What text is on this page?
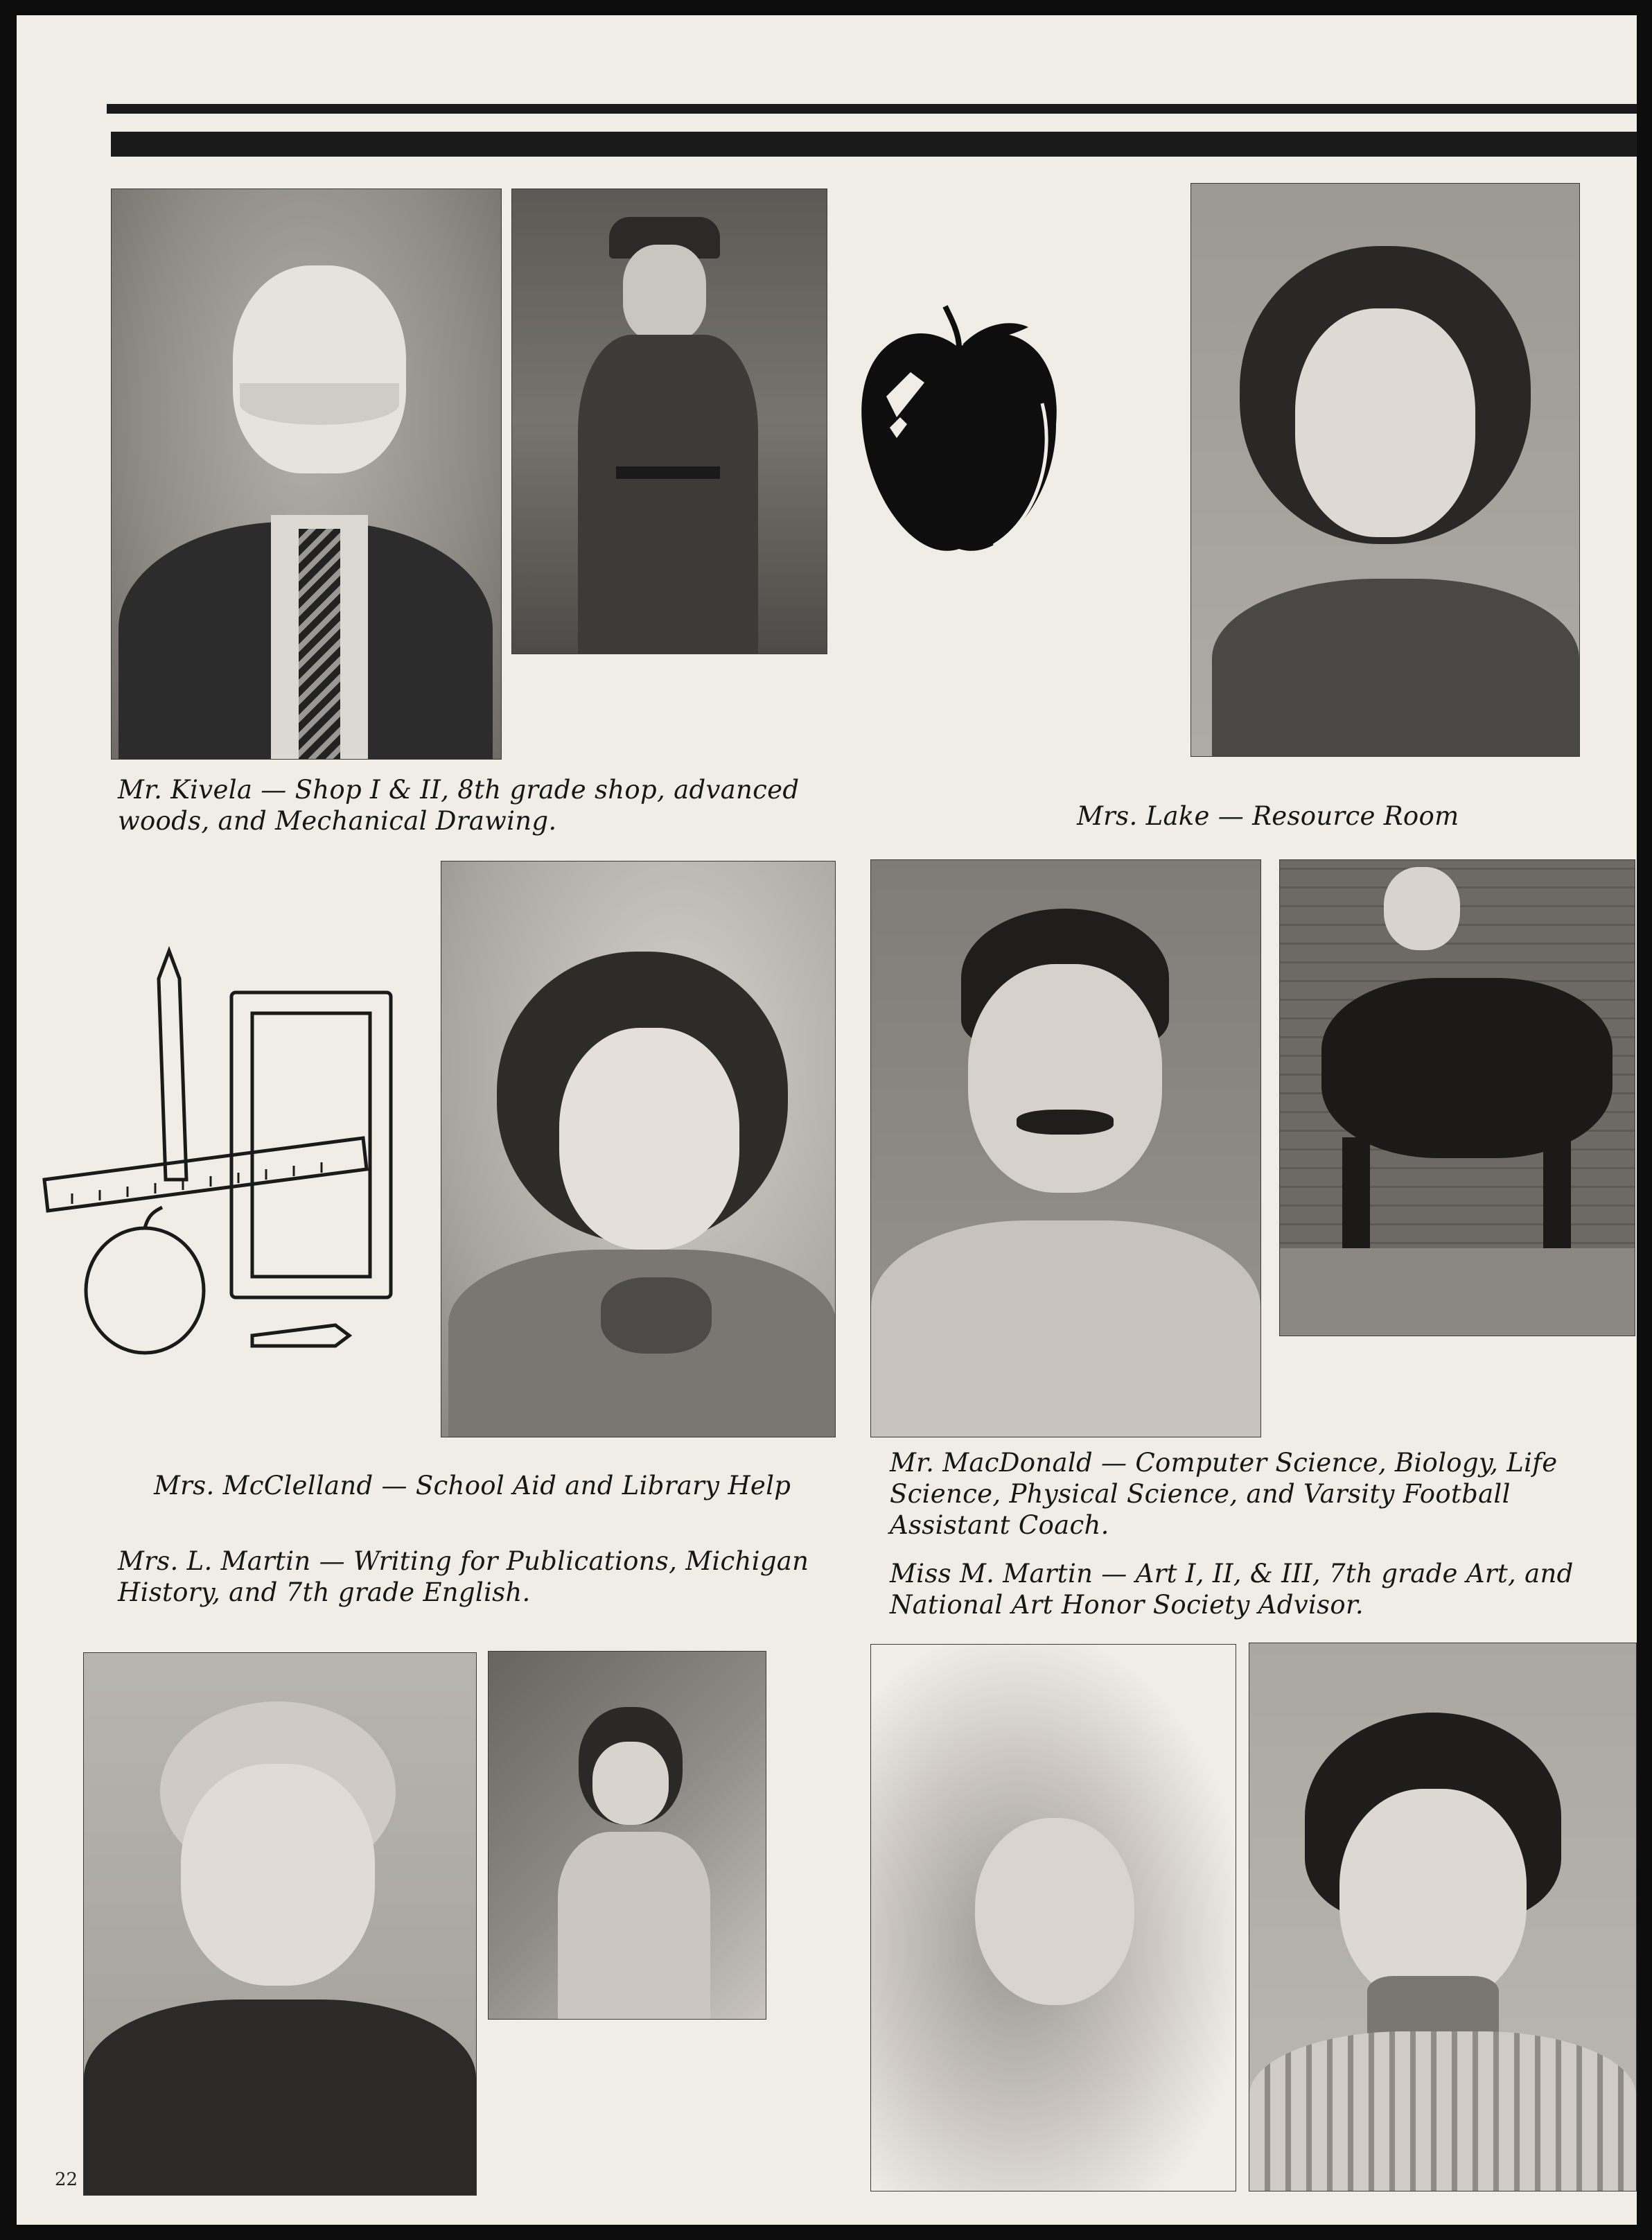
Mr. Kivela — Shop I & II, 8th grade shop, advanced woods, and Mechanical Drawing.	Mrs. Lake — Resource Room
Mrs. McClelland — School Aid and Library Help
Mr. MacDonald — Computer Science, Biology, Life Science, Physical Science, and Varsity Football Assistant Coach.
Mrs. L. Martin — Writing for Publications, Michigan History, and 7th grade English.
Miss M. Martin — Art I, II, & III, 7th grade Art, and National Art Honor Society Advisor.
22
